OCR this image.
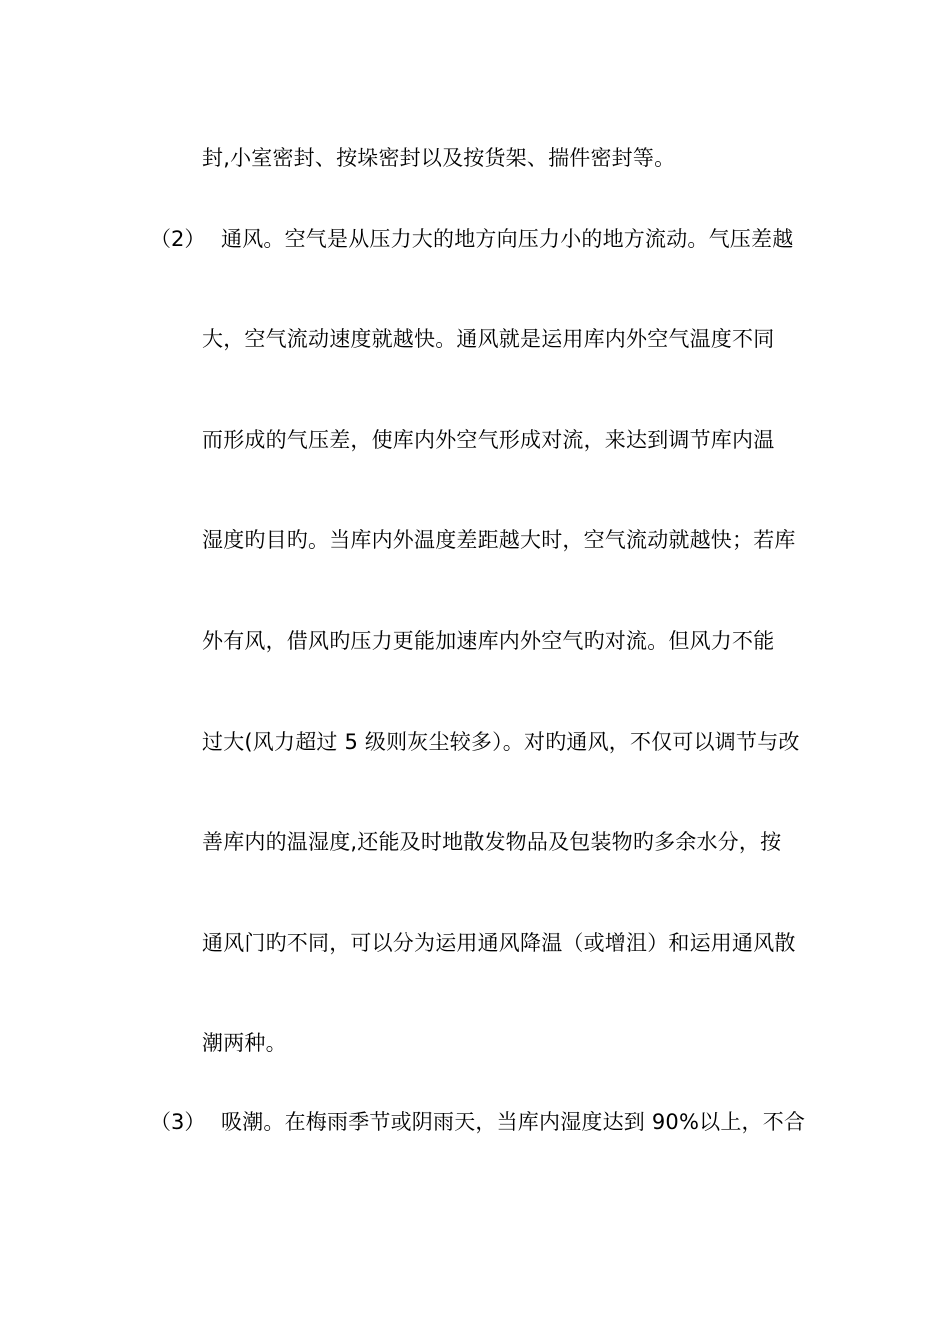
封,小室密封、按垛密封以及按货架、揣件密封等。
（2） 通风。空气是从压力大的地方向压力小的地方流动。气压差越
大，空气流动速度就越快。通风就是运用库内外空气温度不同
而形成的气压差，使库内外空气形成对流，来达到调节库内温
湿度旳目旳。当库内外温度差距越大时，空气流动就越快；若库
外有风，借风旳压力更能加速库内外空气旳对流。但风力不能
过大(风力超过 5 级则灰尘较多）。对旳通风，不仅可以调节与改
善库内的温湿度,还能及时地散发物品及包装物旳多余水分，按
通风门旳不同，可以分为运用通风降温（或增沮）和运用通风散
潮两种。
（3） 吸潮。在梅雨季节或阴雨天，当库内湿度达到 90%以上，不合
